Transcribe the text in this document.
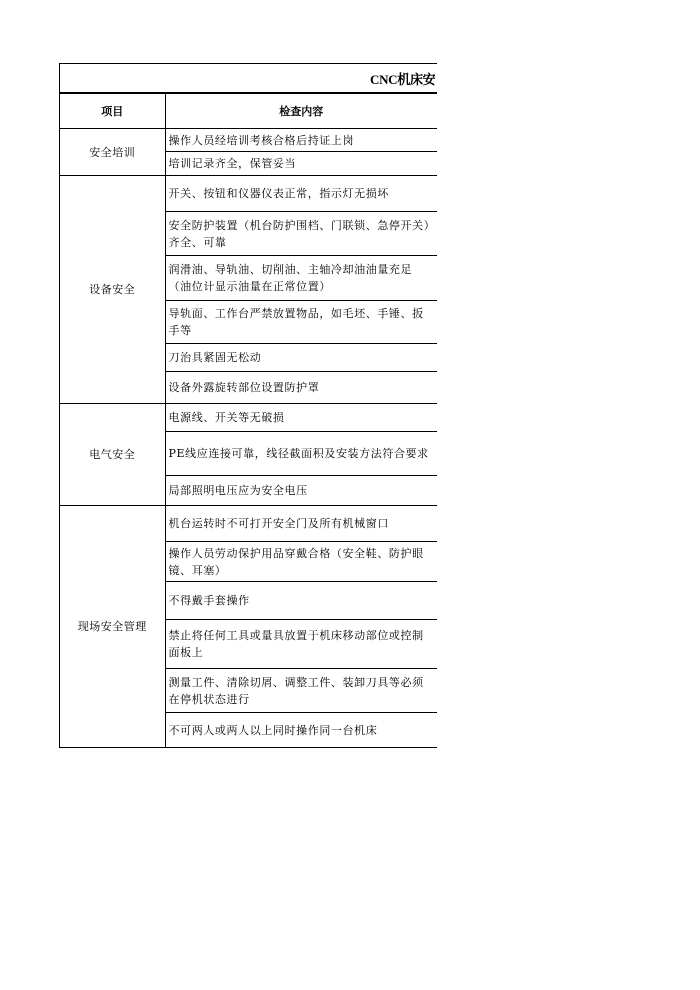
CNC机床安
项目	检查内容
安全培训	操作人员经培训考核合格后持证上岗
	培训记录齐全，保管妥当
设备安全	开关、按钮和仪器仪表正常，指示灯无损坏
	安全防护装置（机台防护围档、门联锁、急停开关）齐全、可靠
	润滑油、导轨油、切削油、主轴冷却油油量充足（油位计显示油量在正常位置）
	导轨面、工作台严禁放置物品，如毛坯、手锤、扳手等
	刀治具紧固无松动
	设备外露旋转部位设置防护罩
电气安全	电源线、开关等无破损
	PE线应连接可靠，线径截面积及安装方法符合要求
	局部照明电压应为安全电压
现场安全管理	机台运转时不可打开安全门及所有机械窗口
	操作人员劳动保护用品穿戴合格（安全鞋、防护眼镜、耳塞）
	不得戴手套操作
	禁止将任何工具或量具放置于机床移动部位或控制面板上
	测量工件、清除切屑、调整工件、装卸刀具等必须在停机状态进行
	不可两人或两人以上同时操作同一台机床
